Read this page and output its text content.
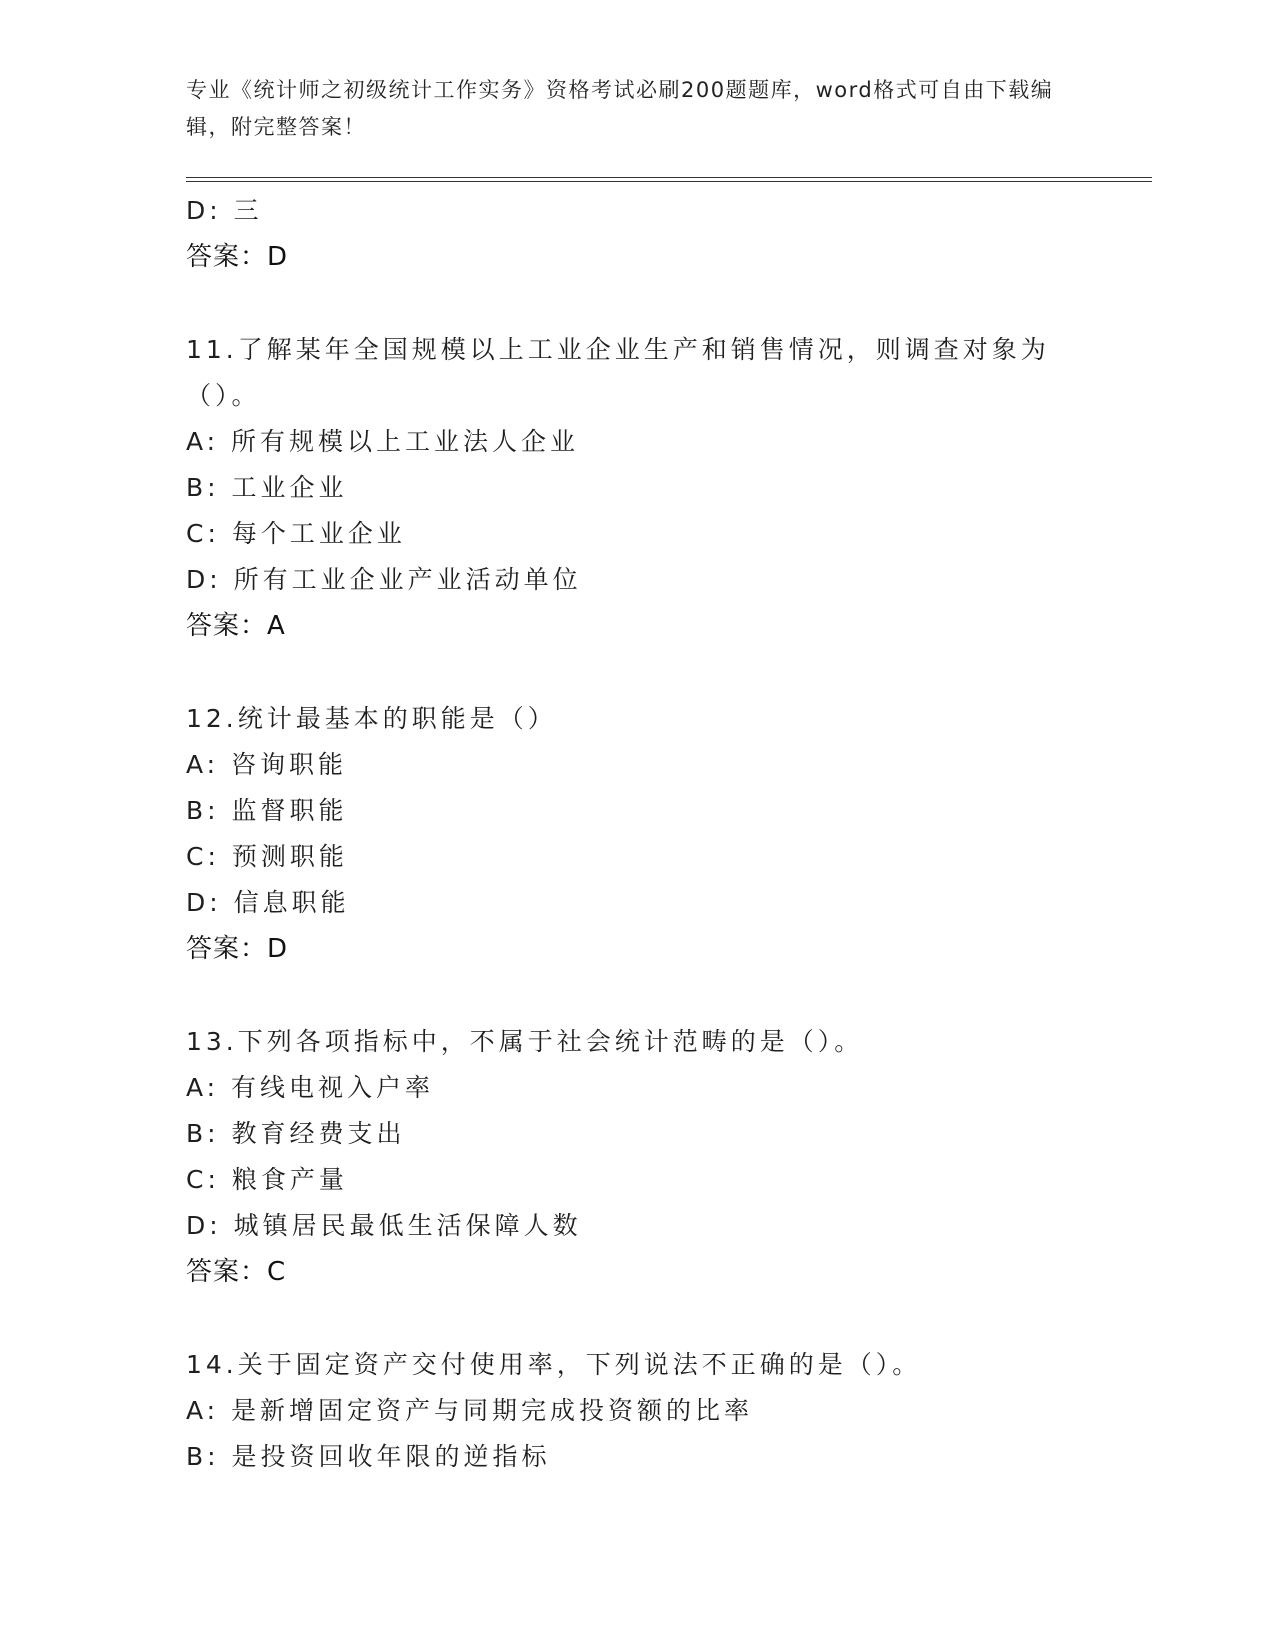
专业《统计师之初级统计工作实务》资格考试必刷200题题库，word格式可自由下载编辑，附完整答案！
D: 三
答案：D
11.了解某年全国规模以上工业企业生产和销售情况，则调查对象为（）。
A: 所有规模以上工业法人企业
B: 工业企业
C: 每个工业企业
D: 所有工业企业产业活动单位
答案：A
12.统计最基本的职能是（）
A: 咨询职能
B: 监督职能
C: 预测职能
D: 信息职能
答案：D
13.下列各项指标中，不属于社会统计范畴的是（）。
A: 有线电视入户率
B: 教育经费支出
C: 粮食产量
D: 城镇居民最低生活保障人数
答案：C
14.关于固定资产交付使用率，下列说法不正确的是（）。
A: 是新增固定资产与同期完成投资额的比率
B: 是投资回收年限的逆指标
